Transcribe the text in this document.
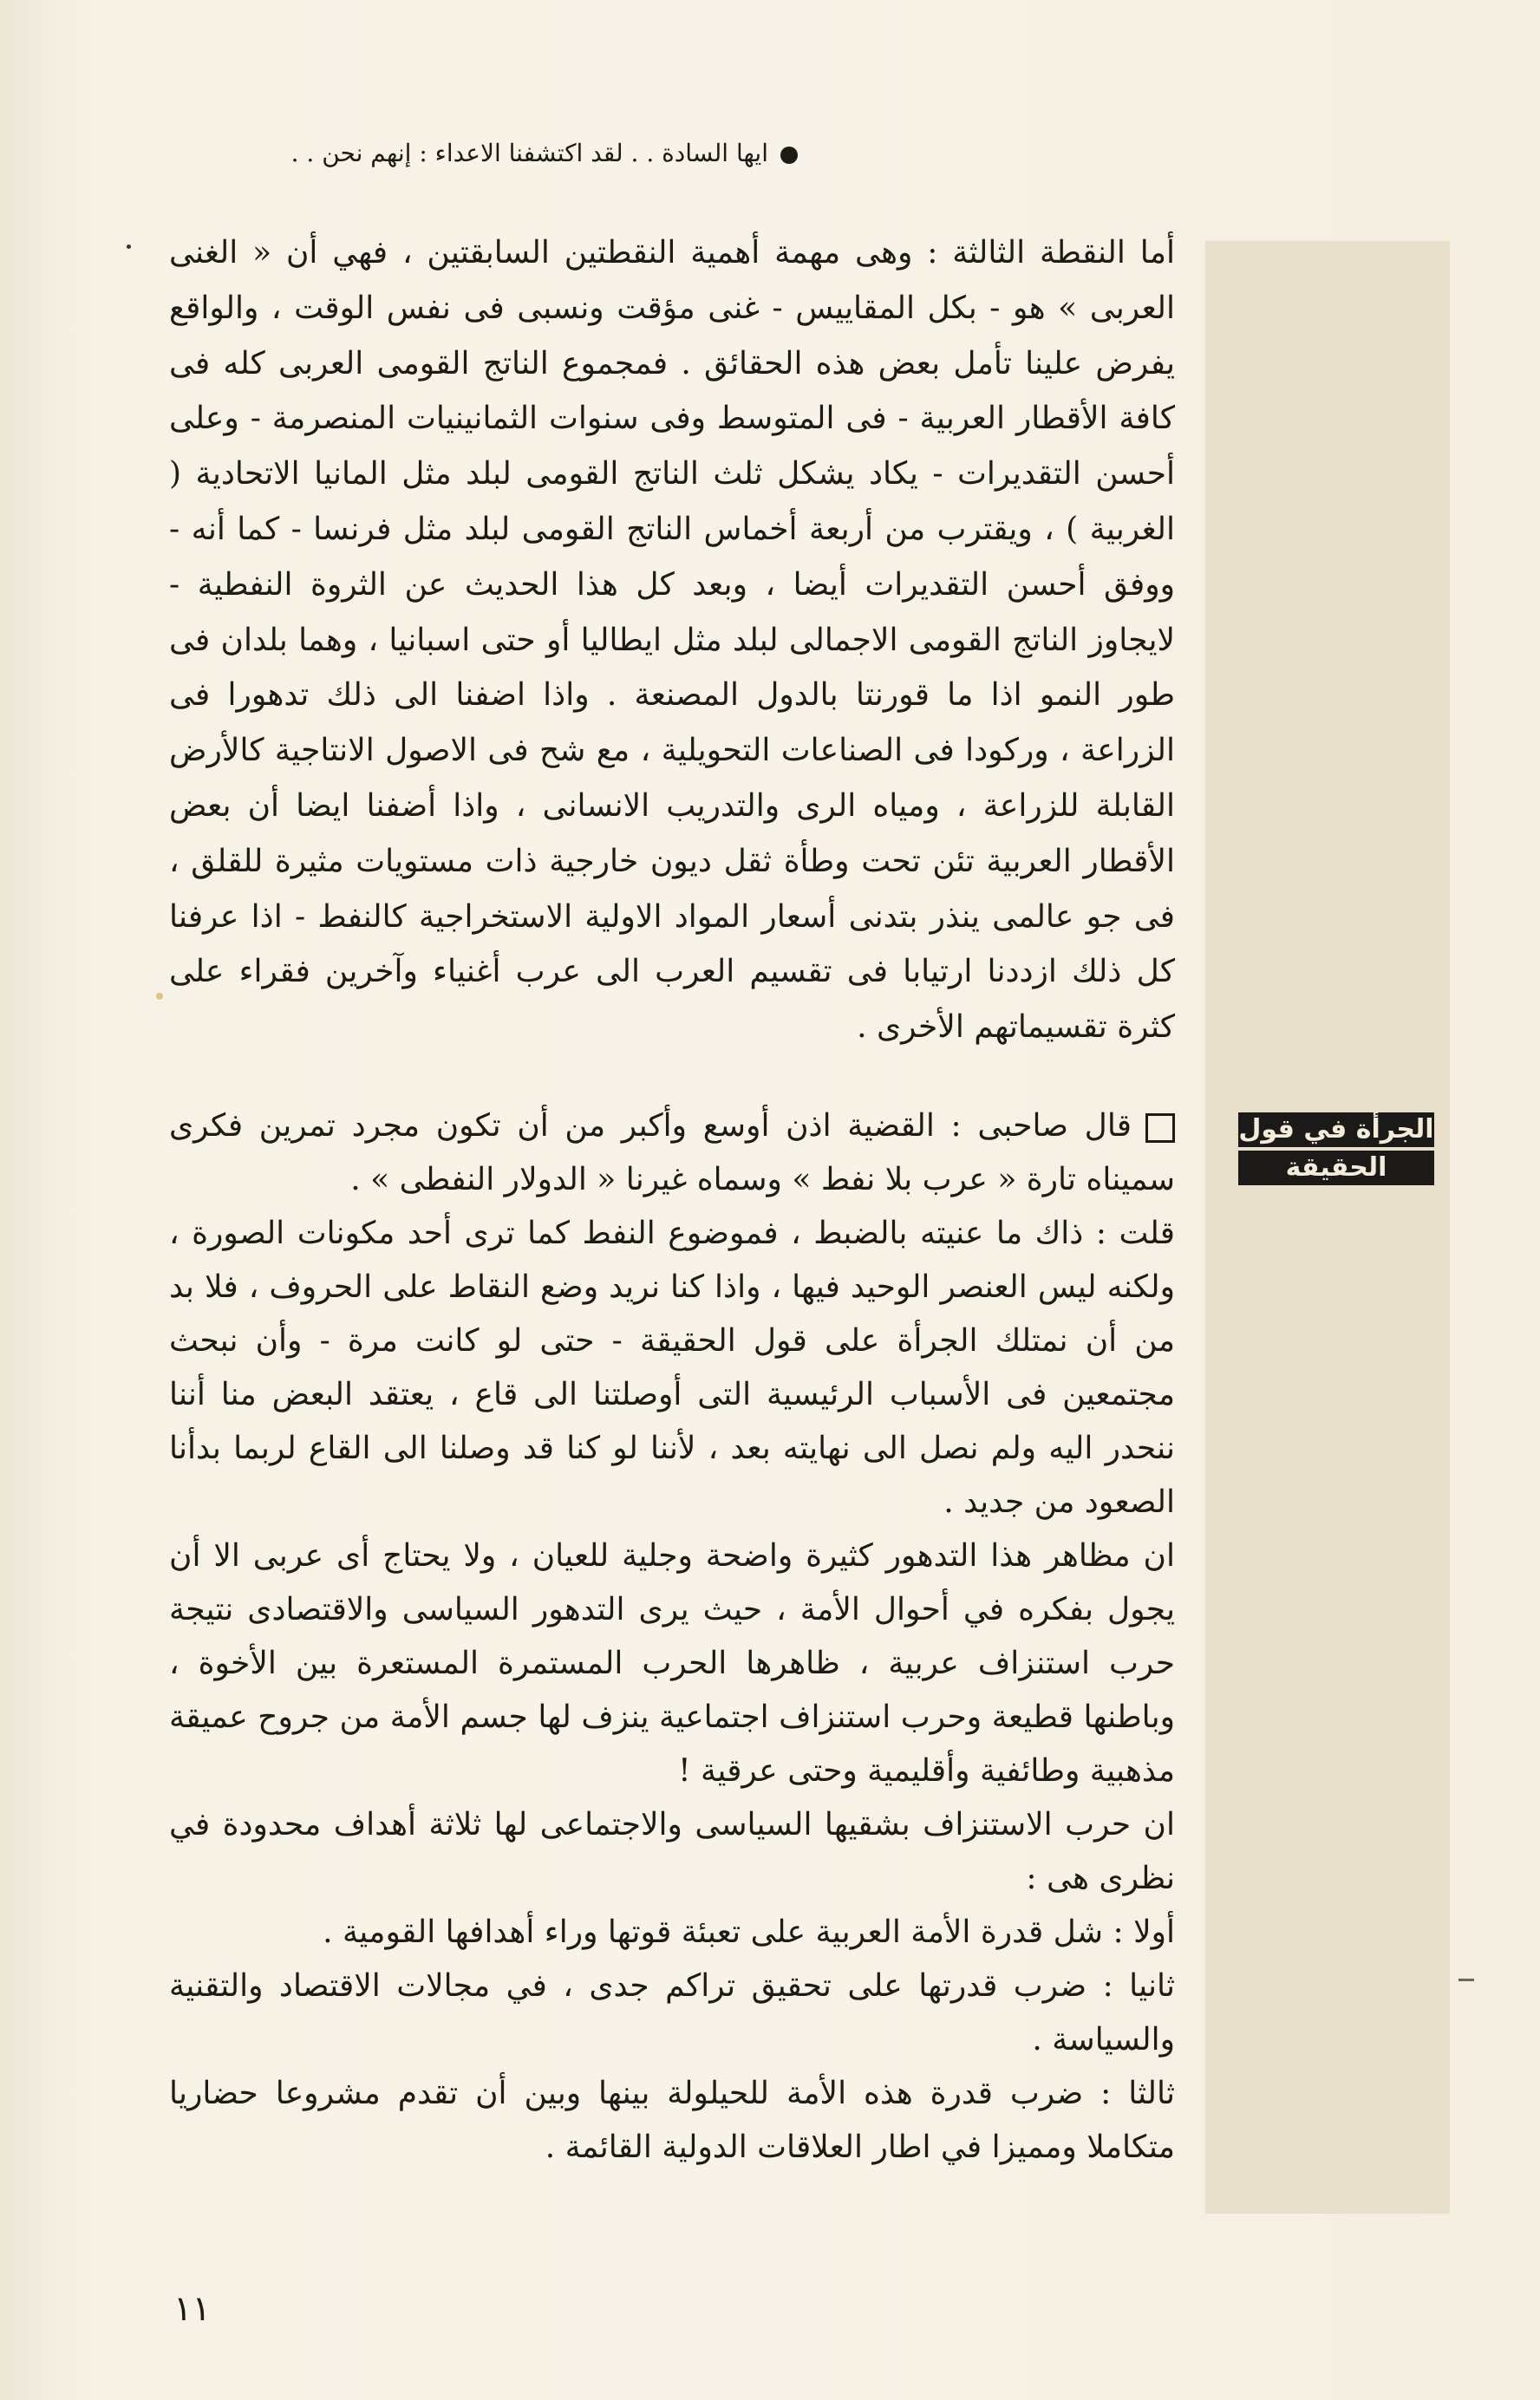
ايها السادة . . لقد اكتشفنا الاعداء : إنهم نحن . .
الجرأة في قول
الحقيقة

أما النقطة الثالثة : وهى مهمة أهمية النقطتين السابقتين ، فهي أن « الغنى العربى » هو - بكل المقاييس - غنى مؤقت ونسبى فى نفس الوقت ، والواقع يفرض علينا تأمل بعض هذه الحقائق . فمجموع الناتج القومى العربى كله فى كافة الأقطار العربية - فى المتوسط وفى سنوات الثمانينيات المنصرمة - وعلى أحسن التقديرات - يكاد يشكل ثلث الناتج القومى لبلد مثل المانيا الاتحادية ( الغربية ) ، ويقترب من أربعة أخماس الناتج القومى لبلد مثل فرنسا - كما أنه - ووفق أحسن التقديرات أيضا ، وبعد كل هذا الحديث عن الثروة النفطية - لايجاوز الناتج القومى الاجمالى لبلد مثل ايطاليا أو حتى اسبانيا ، وهما بلدان فى طور النمو اذا ما قورنتا بالدول المصنعة . واذا اضفنا الى ذلك تدهورا فى الزراعة ، وركودا فى الصناعات التحويلية ، مع شح فى الاصول الانتاجية كالأرض القابلة للزراعة ، ومياه الرى والتدريب الانسانى ، واذا أضفنا ايضا أن بعض الأقطار العربية تئن تحت وطأة ثقل ديون خارجية ذات مستويات مثيرة للقلق ، فى جو عالمى ينذر بتدنى أسعار المواد الاولية الاستخراجية كالنفط - اذا عرفنا كل ذلك ازددنا ارتيابا فى تقسيم العرب الى عرب أغنياء وآخرين فقراء على كثرة تقسيماتهم الأخرى .

قال صاحبى : القضية اذن أوسع وأكبر من أن تكون مجرد تمرين فكرى سميناه تارة « عرب بلا نفط » وسماه غيرنا « الدولار النفطى » .

قلت : ذاك ما عنيته بالضبط ، فموضوع النفط كما ترى أحد مكونات الصورة ، ولكنه ليس العنصر الوحيد فيها ، واذا كنا نريد وضع النقاط على الحروف ، فلا بد من أن نمتلك الجرأة على قول الحقيقة - حتى لو كانت مرة - وأن نبحث مجتمعين فى الأسباب الرئيسية التى أوصلتنا الى قاع ، يعتقد البعض منا أننا ننحدر اليه ولم نصل الى نهايته بعد ، لأننا لو كنا قد وصلنا الى القاع لربما بدأنا الصعود من جديد .

ان مظاهر هذا التدهور كثيرة واضحة وجلية للعيان ، ولا يحتاج أى عربى الا أن يجول بفكره في أحوال الأمة ، حيث يرى التدهور السياسى والاقتصادى نتيجة حرب استنزاف عربية ، ظاهرها الحرب المستمرة المستعرة بين الأخوة ، وباطنها قطيعة وحرب استنزاف اجتماعية ينزف لها جسم الأمة من جروح عميقة مذهبية وطائفية وأقليمية وحتى عرقية !

ان حرب الاستنزاف بشقيها السياسى والاجتماعى لها ثلاثة أهداف محدودة في نظرى هى :

أولا : شل قدرة الأمة العربية على تعبئة قوتها وراء أهدافها القومية .

ثانيا : ضرب قدرتها على تحقيق تراكم جدى ، في مجالات الاقتصاد والتقنية والسياسة .

ثالثا : ضرب قدرة هذه الأمة للحيلولة بينها وبين أن تقدم مشروعا حضاريا متكاملا ومميزا في اطار العلاقات الدولية القائمة .

١١
